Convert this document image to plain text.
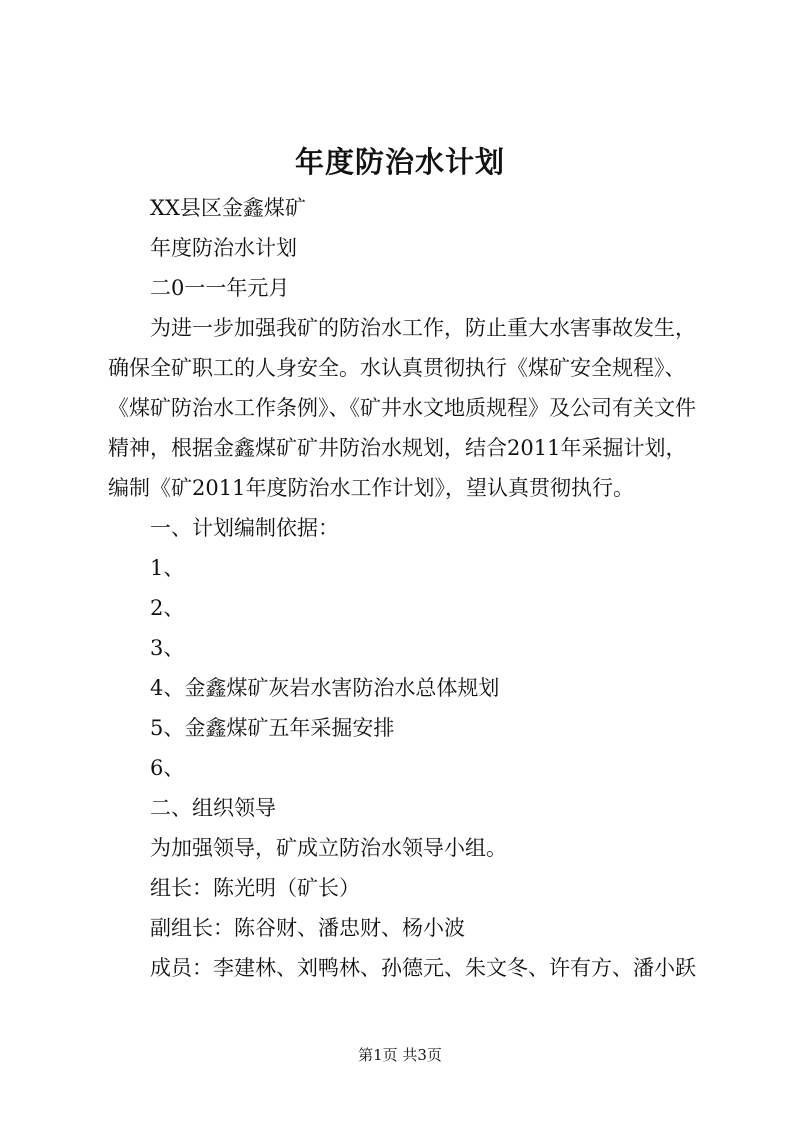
年度防治水计划
XX县区金鑫煤矿
年度防治水计划
二0一一年元月
为进一步加强我矿的防治水工作，防止重大水害事故发生，
确保全矿职工的人身安全。水认真贯彻执行《煤矿安全规程》、
《煤矿防治水工作条例》、《矿井水文地质规程》及公司有关文件
精神，根据金鑫煤矿矿井防治水规划，结合2011年采掘计划，
编制《矿2011年度防治水工作计划》，望认真贯彻执行。
一、计划编制依据：
1、
2、
3、
4、金鑫煤矿灰岩水害防治水总体规划
5、金鑫煤矿五年采掘安排
6、
二、组织领导
为加强领导，矿成立防治水领导小组。
组长：陈光明（矿长）
副组长：陈谷财、潘忠财、杨小波
成员：李建林、刘鸭林、孙德元、朱文冬、许有方、潘小跃
第1页 共3页
